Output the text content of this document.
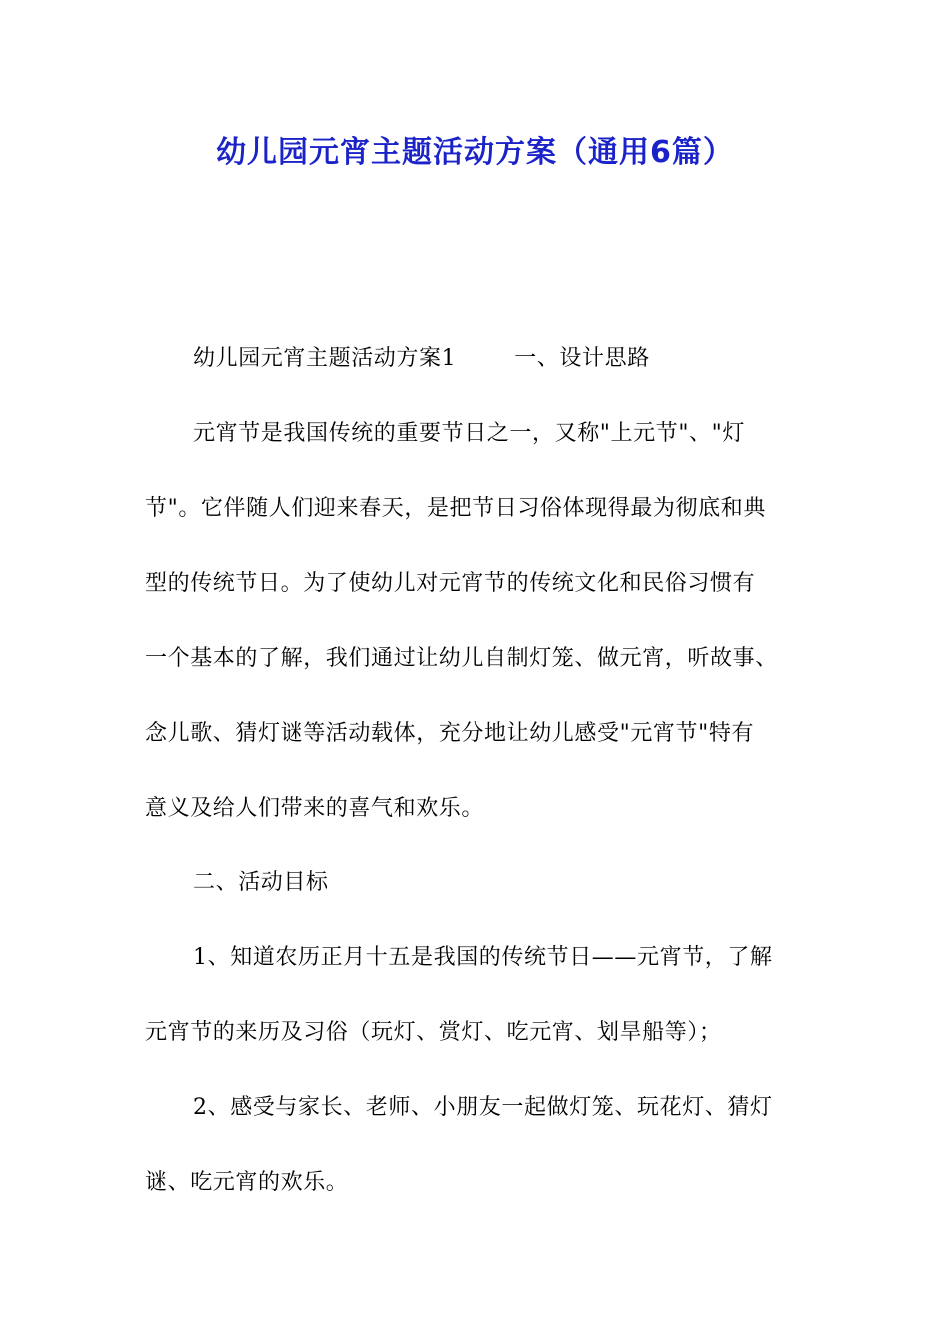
幼儿园元宵主题活动方案（通用6篇）

幼儿园元宵主题活动方案1	一、设计思路

元宵节是我国传统的重要节日之一，又称"上元节"、"灯

节"。它伴随人们迎来春天，是把节日习俗体现得最为彻底和典

型的传统节日。为了使幼儿对元宵节的传统文化和民俗习惯有

一个基本的了解，我们通过让幼儿自制灯笼、做元宵，听故事、

念儿歌、猜灯谜等活动载体，充分地让幼儿感受"元宵节"特有

意义及给人们带来的喜气和欢乐。

二、活动目标

1、知道农历正月十五是我国的传统节日——元宵节，了解

元宵节的来历及习俗（玩灯、赏灯、吃元宵、划旱船等）；

2、感受与家长、老师、小朋友一起做灯笼、玩花灯、猜灯

谜、吃元宵的欢乐。
